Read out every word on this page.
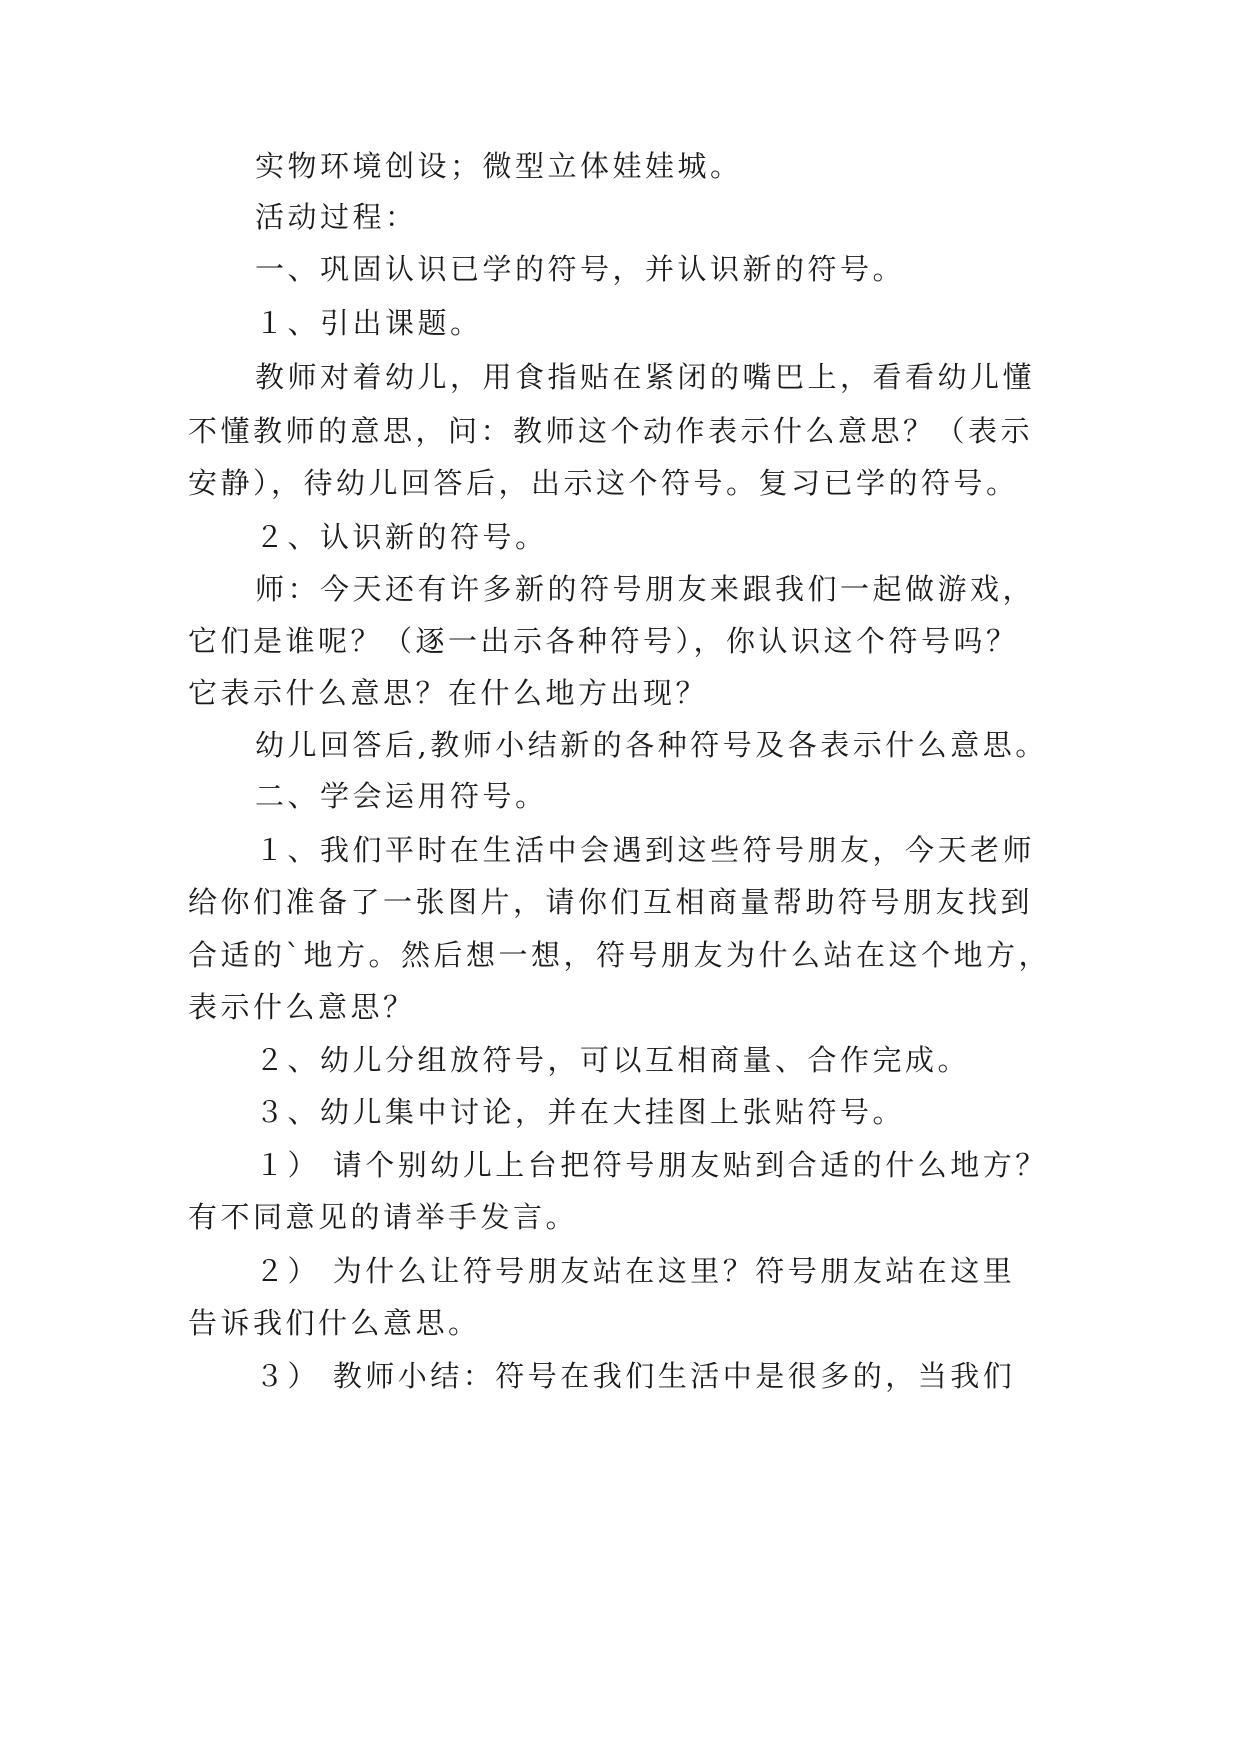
实物环境创设；微型立体娃娃城。
活动过程：
一、巩固认识已学的符号，并认识新的符号。
１、引出课题。
教师对着幼儿，用食指贴在紧闭的嘴巴上，看看幼儿懂
不懂教师的意思，问：教师这个动作表示什么意思？（表示
安静），待幼儿回答后，出示这个符号。复习已学的符号。
２、认识新的符号。
师：今天还有许多新的符号朋友来跟我们一起做游戏，
它们是谁呢？（逐一出示各种符号），你认识这个符号吗？
它表示什么意思？在什么地方出现？
幼儿回答后,教师小结新的各种符号及各表示什么意思。
二、学会运用符号。
１、我们平时在生活中会遇到这些符号朋友，今天老师
给你们准备了一张图片，请你们互相商量帮助符号朋友找到
合适的`地方。然后想一想，符号朋友为什么站在这个地方，
表示什么意思？
２、幼儿分组放符号，可以互相商量、合作完成。
３、幼儿集中讨论，并在大挂图上张贴符号。
１） 请个别幼儿上台把符号朋友贴到合适的什么地方？
有不同意见的请举手发言。
２） 为什么让符号朋友站在这里？符号朋友站在这里
告诉我们什么意思。
３） 教师小结：符号在我们生活中是很多的，当我们
